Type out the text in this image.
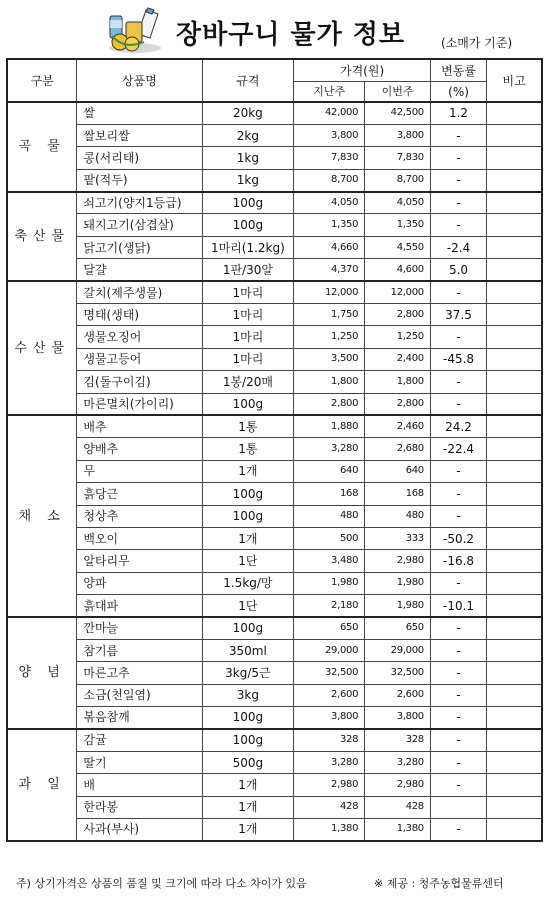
장바구니 물가 정보	(소매가 기준)
구분	상품명	규격	가격(원)		변동률	비고
			지난주	이번주	(%)	
곡 물	쌀	20kg	42,000	42,500	1.2	
	쌀보리쌀	2kg	3,800	3,800	-	
	콩(서리태)	1kg	7,830	7,830	-	
	팥(적두)	1kg	8,700	8,700	-	
축산물	쇠고기(양지1등급)	100g	4,050	4,050	-	
	돼지고기(삼겹살)	100g	1,350	1,350	-	
	닭고기(생닭)	1마리(1.2kg)	4,660	4,550	-2.4	
	달걀	1판/30알	4,370	4,600	5.0	
수산물	갈치(제주생물)	1마리	12,000	12,000	-	
	명태(생태)	1마리	1,750	2,800	37.5	
	생물오징어	1마리	1,250	1,250	-	
	생물고등어	1마리	3,500	2,400	-45.8	
	김(돌구이김)	1봉/20매	1,800	1,800	-	
	마른멸치(가이리)	100g	2,800	2,800	-	
채 소	배추	1통	1,880	2,460	24.2	
	양배추	1통	3,280	2,680	-22.4	
	무	1개	640	640	-	
	흙당근	100g	168	168	-	
	청상추	100g	480	480	-	
	백오이	1개	500	333	-50.2	
	알타리무	1단	3,480	2,980	-16.8	
	양파	1.5kg/망	1,980	1,980	-	
	흙대파	1단	2,180	1,980	-10.1	
양 념	깐마늘	100g	650	650	-	
	참기름	350ml	29,000	29,000	-	
	마른고추	3kg/5근	32,500	32,500	-	
	소금(천일염)	3kg	2,600	2,600	-	
	볶음참깨	100g	3,800	3,800	-	
과 일	감귤	100g	328	328	-	
	딸기	500g	3,280	3,280	-	
	배	1개	2,980	2,980	-	
	한라봉	1개	428	428		
	사과(부사)	1개	1,380	1,380	-	
주) 상기가격은 상품의 품질 및 크기에 따라 다소 차이가 있음	※ 제공 : 청주농협물류센터
